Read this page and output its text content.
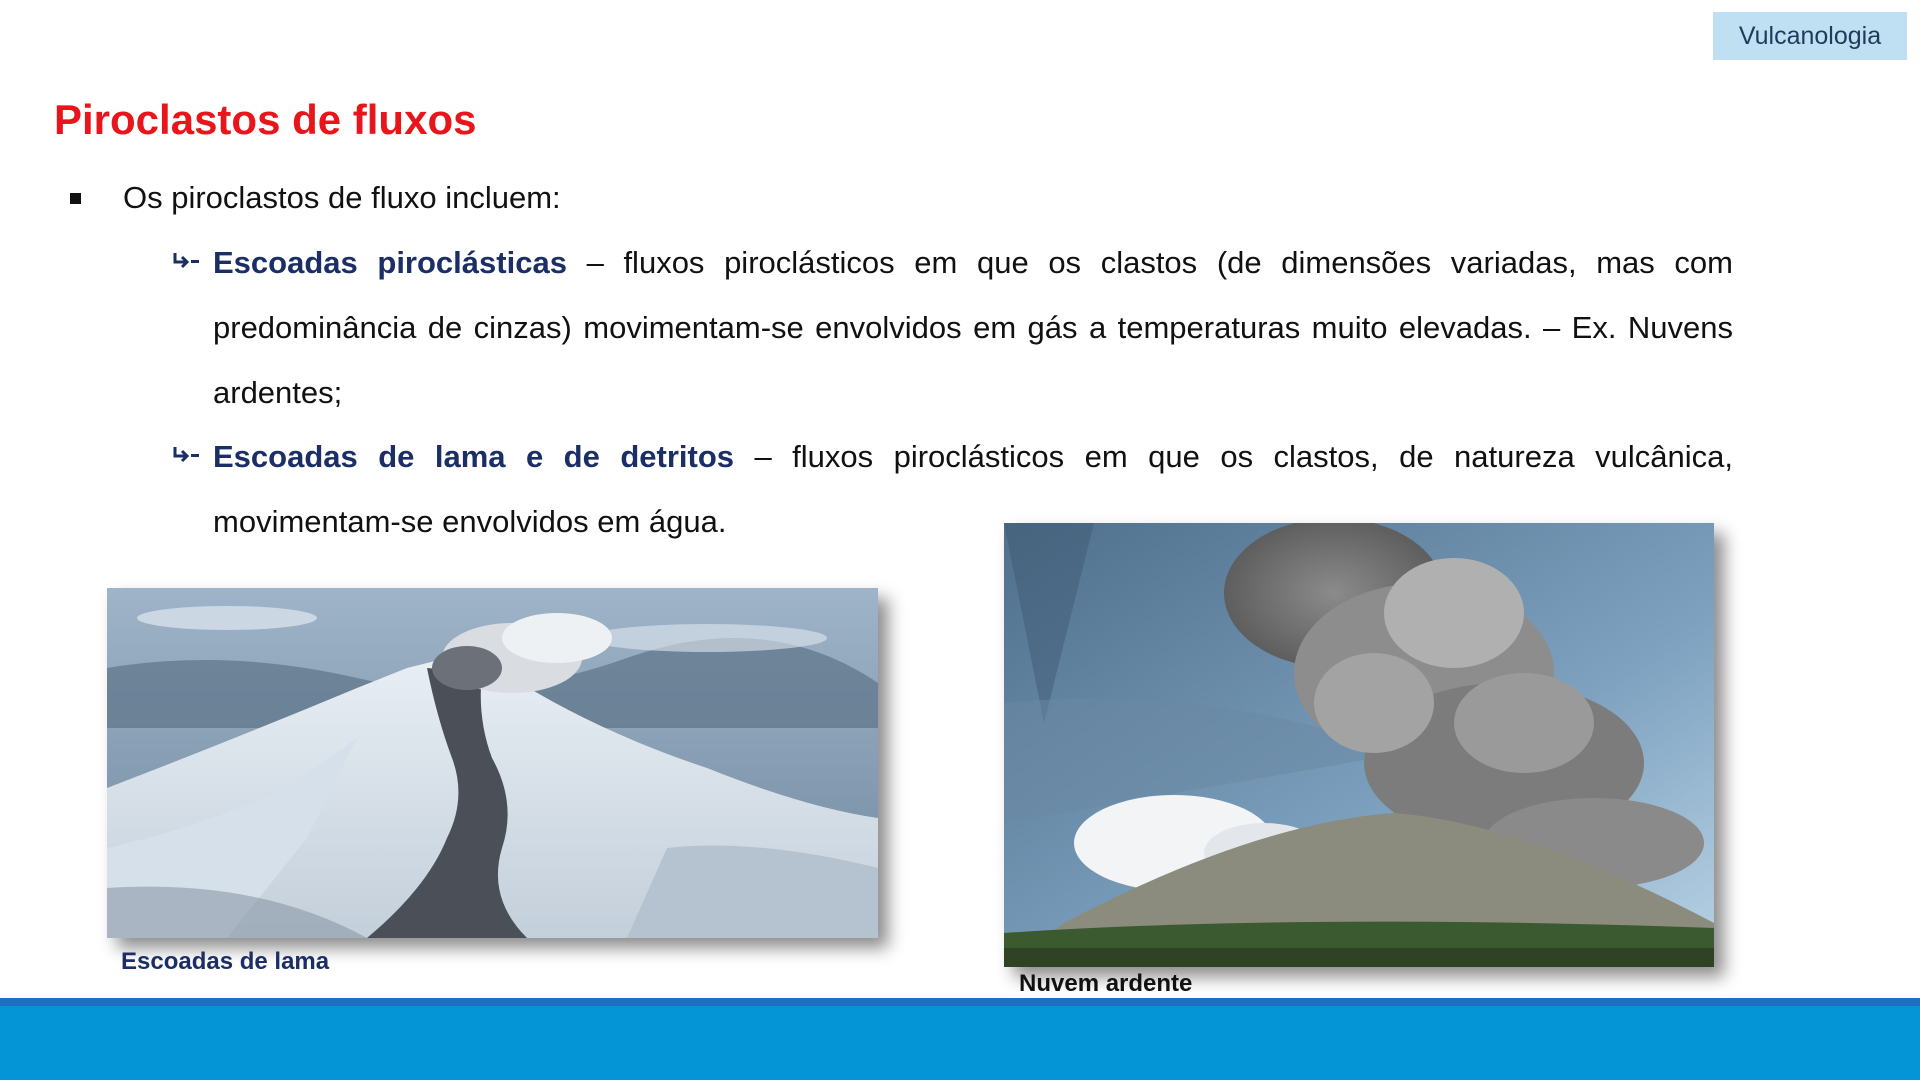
Vulcanologia
Piroclastos de fluxos
Os piroclastos de fluxo incluem:
Escoadas piroclásticas – fluxos piroclásticos em que os clastos (de dimensões variadas, mas com predominância de cinzas) movimentam-se envolvidos em gás a temperaturas muito elevadas. – Ex. Nuvens ardentes;
Escoadas de lama e de detritos – fluxos piroclásticos em que os clastos, de natureza vulcânica, movimentam-se envolvidos em água.
Escoadas de lama
Nuvem ardente
